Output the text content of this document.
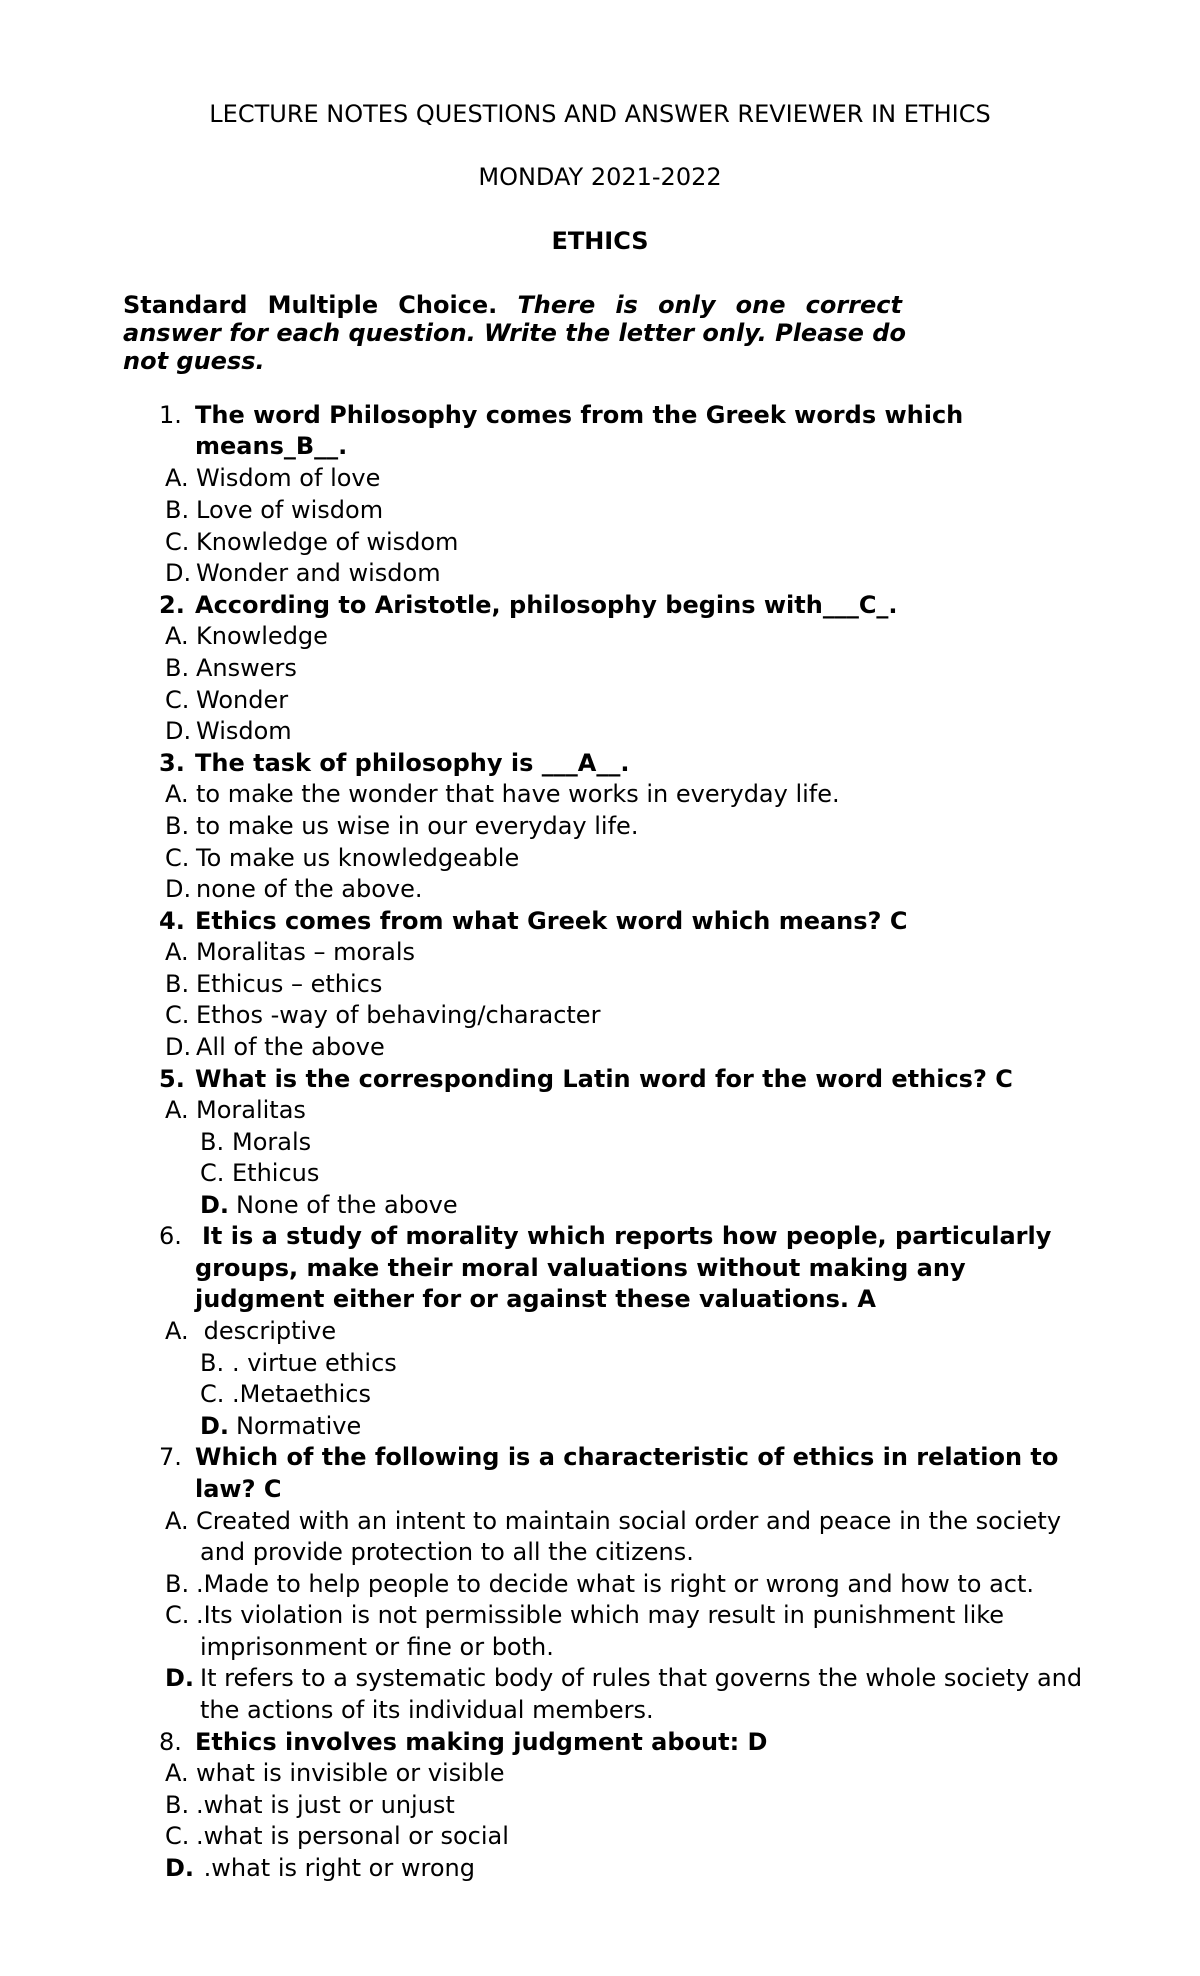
LECTURE NOTES QUESTIONS AND ANSWER REVIEWER IN ETHICS

MONDAY 2021-2022

ETHICS

Standard Multiple Choice. There is only one correct

answer for each question. Write the letter only. Please do

not guess.

1. The word Philosophy comes from the Greek words which

means_B__.

A. Wisdom of love

B. Love of wisdom

C. Knowledge of wisdom

D. Wonder and wisdom

2. According to Aristotle, philosophy begins with___C_.

A. Knowledge

B. Answers

C. Wonder

D. Wisdom

3. The task of philosophy is ___A__.

A. to make the wonder that have works in everyday life.

B. to make us wise in our everyday life.

C. To make us knowledgeable

D. none of the above.

4. Ethics comes from what Greek word which means? C

A. Moralitas – morals

B. Ethicus – ethics

C. Ethos -way of behaving/character

D. All of the above

5. What is the corresponding Latin word for the word ethics? C

A. Moralitas

B. Morals

C. Ethicus

D. None of the above

6. It is a study of morality which reports how people, particularly

groups, make their moral valuations without making any

judgment either for or against these valuations. A

A. descriptive

B. . virtue ethics

C. .Metaethics

D. Normative

7. Which of the following is a characteristic of ethics in relation to

law? C

A. Created with an intent to maintain social order and peace in the society

and provide protection to all the citizens.

B. .Made to help people to decide what is right or wrong and how to act.

C. .Its violation is not permissible which may result in punishment like

imprisonment or fine or both.

D. It refers to a systematic body of rules that governs the whole society and

the actions of its individual members.

8. Ethics involves making judgment about: D

A. what is invisible or visible

B. .what is just or unjust

C. .what is personal or social

D. .what is right or wrong
